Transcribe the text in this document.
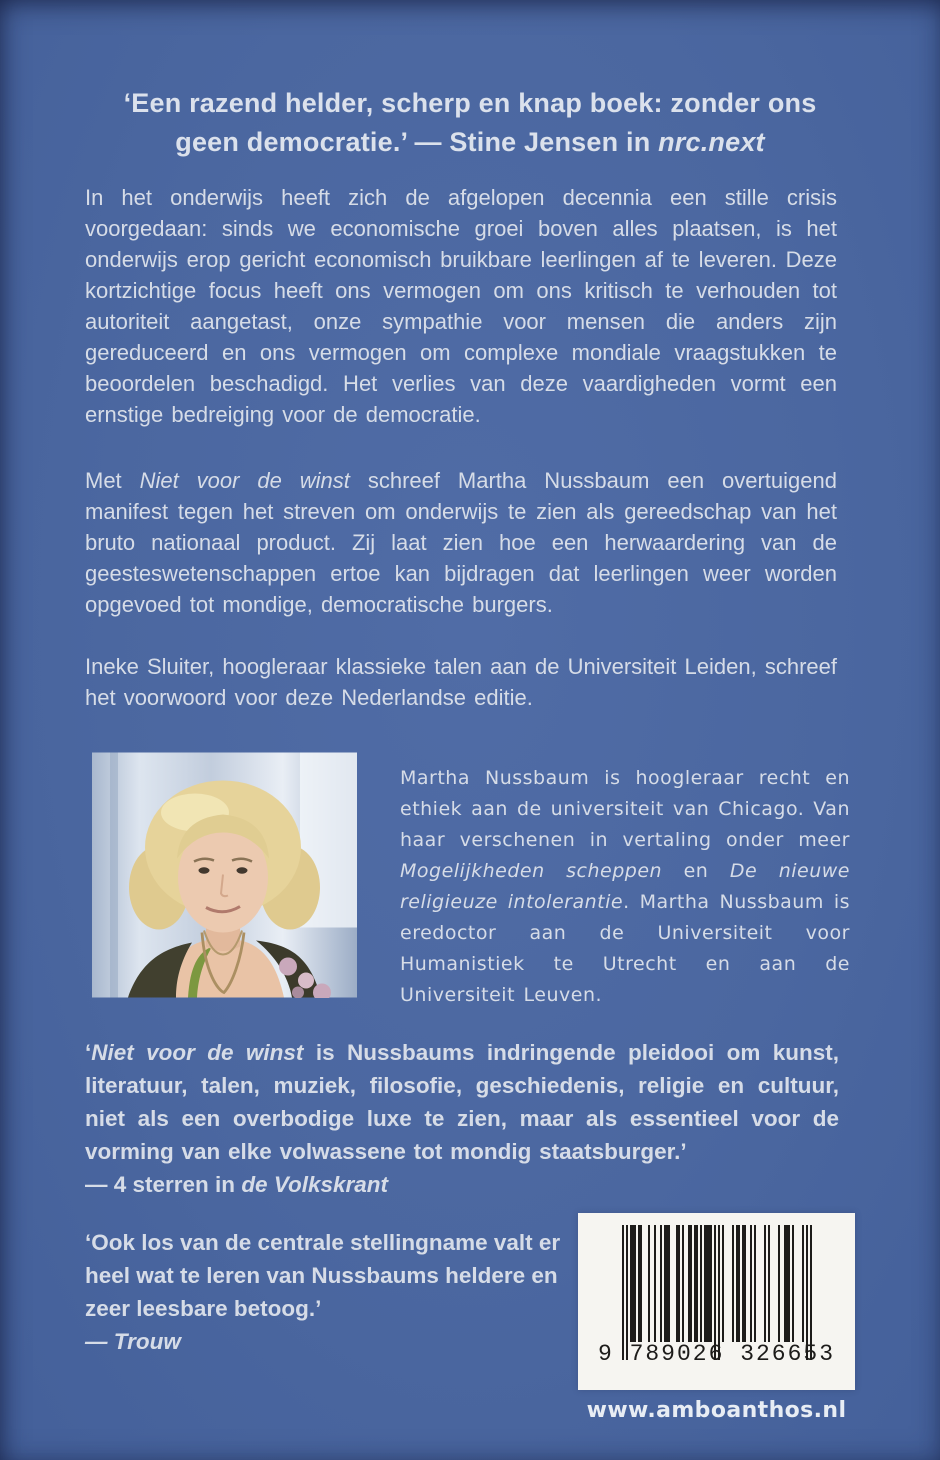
‘Een razend helder, scherp en knap boek: zonder ons geen democratie.’ — Stine Jensen in nrc.next

In het onderwijs heeft zich de afgelopen decennia een stille crisis voorgedaan: sinds we economische groei boven alles plaatsen, is het onderwijs erop gericht economisch bruikbare leerlingen af te leveren. Deze kortzichtige focus heeft ons vermogen om ons kritisch te verhouden tot autoriteit aangetast, onze sympathie voor mensen die anders zijn gereduceerd en ons vermogen om complexe mondiale vraagstukken te beoordelen beschadigd. Het verlies van deze vaardigheden vormt een ernstige bedreiging voor de democratie.

Met Niet voor de winst schreef Martha Nussbaum een overtuigend manifest tegen het streven om onderwijs te zien als gereedschap van het bruto nationaal product. Zij laat zien hoe een herwaardering van de geesteswetenschappen ertoe kan bijdragen dat leerlingen weer worden opgevoed tot mondige, democratische burgers.

Ineke Sluiter, hoogleraar klassieke talen aan de Universiteit Leiden, schreef het voorwoord voor deze Nederlandse editie.

Martha Nussbaum is hoogleraar recht en ethiek aan de universiteit van Chicago. Van haar verschenen in vertaling onder meer Mogelijkheden scheppen en De nieuwe religieuze intolerantie. Martha Nussbaum is eredoctor aan de Universiteit voor Humanistiek te Utrecht en aan de Universiteit Leuven.

‘Niet voor de winst is Nussbaums indringende pleidooi om kunst, literatuur, talen, muziek, filosofie, geschiedenis, religie en cultuur, niet als een overbodige luxe te zien, maar als essentieel voor de vorming van elke volwassene tot mondig staatsburger.’

— 4 sterren in de Volkskrant

‘Ook los van de centrale stellingname valt er heel wat te leren van Nussbaums heldere en zeer leesbare betoog.’

— Trouw	9 789026 326653
www.amboanthos.nl
